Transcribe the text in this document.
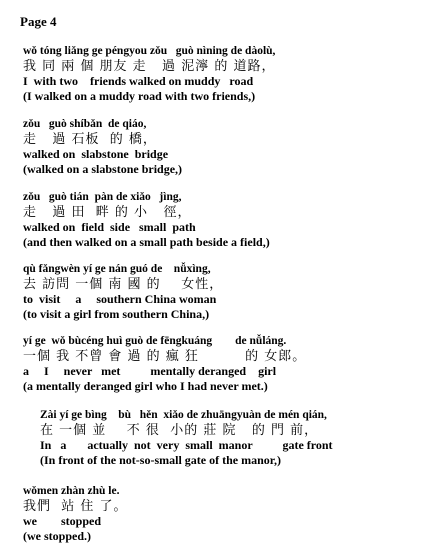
Page 4
wǒ tóng liǎng ge péngyou zǒu   guò nìning de dàolù,
我 同 兩 個 朋友 走   過 泥濘 的 道路，
I  with two    friends walked on muddy   road
(I walked on a muddy road with two friends,)
zǒu   guò shíbǎn  de qiáo,
走   過 石板  的 橋，
walked on  slabstone  bridge
(walked on a slabstone bridge,)
zǒu   guò tián  pàn de xiǎo   jìng,
走   過 田  畔 的 小   徑，
walked on  field  side   small  path
(and then walked on a small path beside a field,)
qù fǎngwèn yí ge nán guó de    nǚxìng,
去 訪問 一個 南 國 的    女性，
to  visit     a     southern China woman
(to visit a girl from southern China,)
yí ge  wǒ bùcéng huì guò de fēngkuáng        de nǚláng.
一個 我 不曾 會 過 的 瘋 狂         的 女郎。
a     I     never   met          mentally deranged    girl
(a mentally deranged girl who I had never met.)
Zài yí ge bìng    bù   hěn  xiǎo de zhuāngyuàn de mén qián,
在 一個 並    不 很  小的 莊 院   的 門 前，
In   a       actually  not  very  small  manor          gate front
(In front of the not-so-small gate of the manor,)
wǒmen zhàn zhù le.
我們  站 住 了。
we        stopped
(we stopped.)
